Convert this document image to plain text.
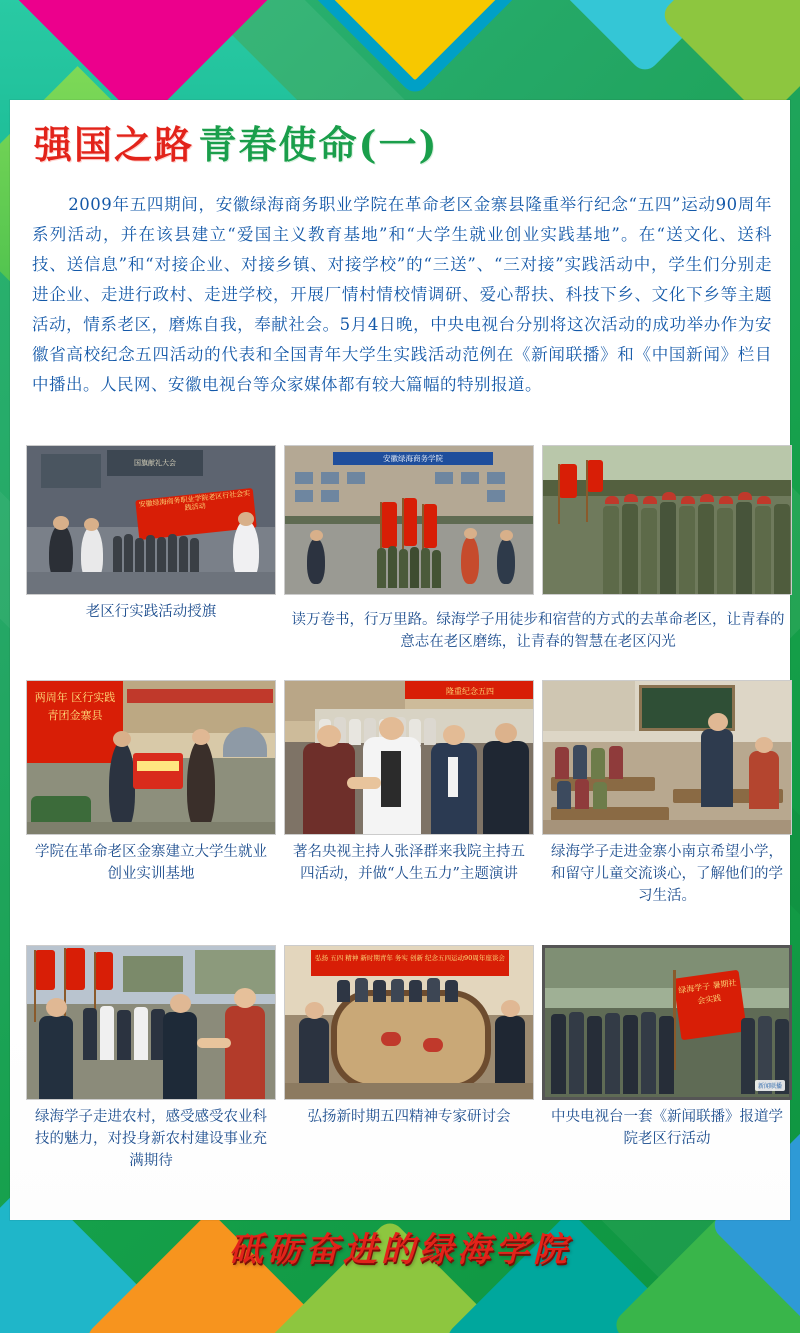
强国之路 青春使命(一)
2009年五四期间，安徽绿海商务职业学院在革命老区金寨县隆重举行纪念“五四”运动90周年系列活动，并在该县建立“爱国主义教育基地”和“大学生就业创业实践基地”。在“送文化、送科技、送信息”和“对接企业、对接乡镇、对接学校”的“三送”、“三对接”实践活动中，学生们分别走进企业、走进行政村、走进学校，开展厂情村情校情调研、爱心帮扶、科技下乡、文化下乡等主题活动，情系老区，磨炼自我，奉献社会。5月4日晚，中央电视台分别将这次活动的成功举办作为安徽省高校纪念五四活动的代表和全国青年大学生实践活动范例在《新闻联播》和《中国新闻》栏目中播出。人民网、安徽电视台等众家媒体都有较大篇幅的特别报道。
国旗献礼大会
安徽绿海商务职业学院老区行社会实践活动
老区行实践活动授旗
安徽绿海商务学院
读万卷书，行万里路。绿海学子用徒步和宿营的方式的去革命老区，让青春的意志在老区磨练，让青春的智慧在老区闪光
两周年 区行实践 青团金寨县
学院在革命老区金寨建立大学生就业创业实训基地
隆重纪念五四
著名央视主持人张泽群来我院主持五四活动，并做“人生五力”主题演讲
绿海学子走进金寨小南京希望小学，和留守儿童交流谈心，了解他们的学习生活。
绿海学子走进农村，感受感受农业科技的魅力，对投身新农村建设事业充满期待
弘扬 五四 精神 新时期青年 务实 创新 纪念五四运动90周年座谈会
弘扬新时期五四精神专家研讨会
绿海学子 暑期社会实践
新闻联播
中央电视台一套《新闻联播》报道学院老区行活动
砥砺奋进的绿海学院
